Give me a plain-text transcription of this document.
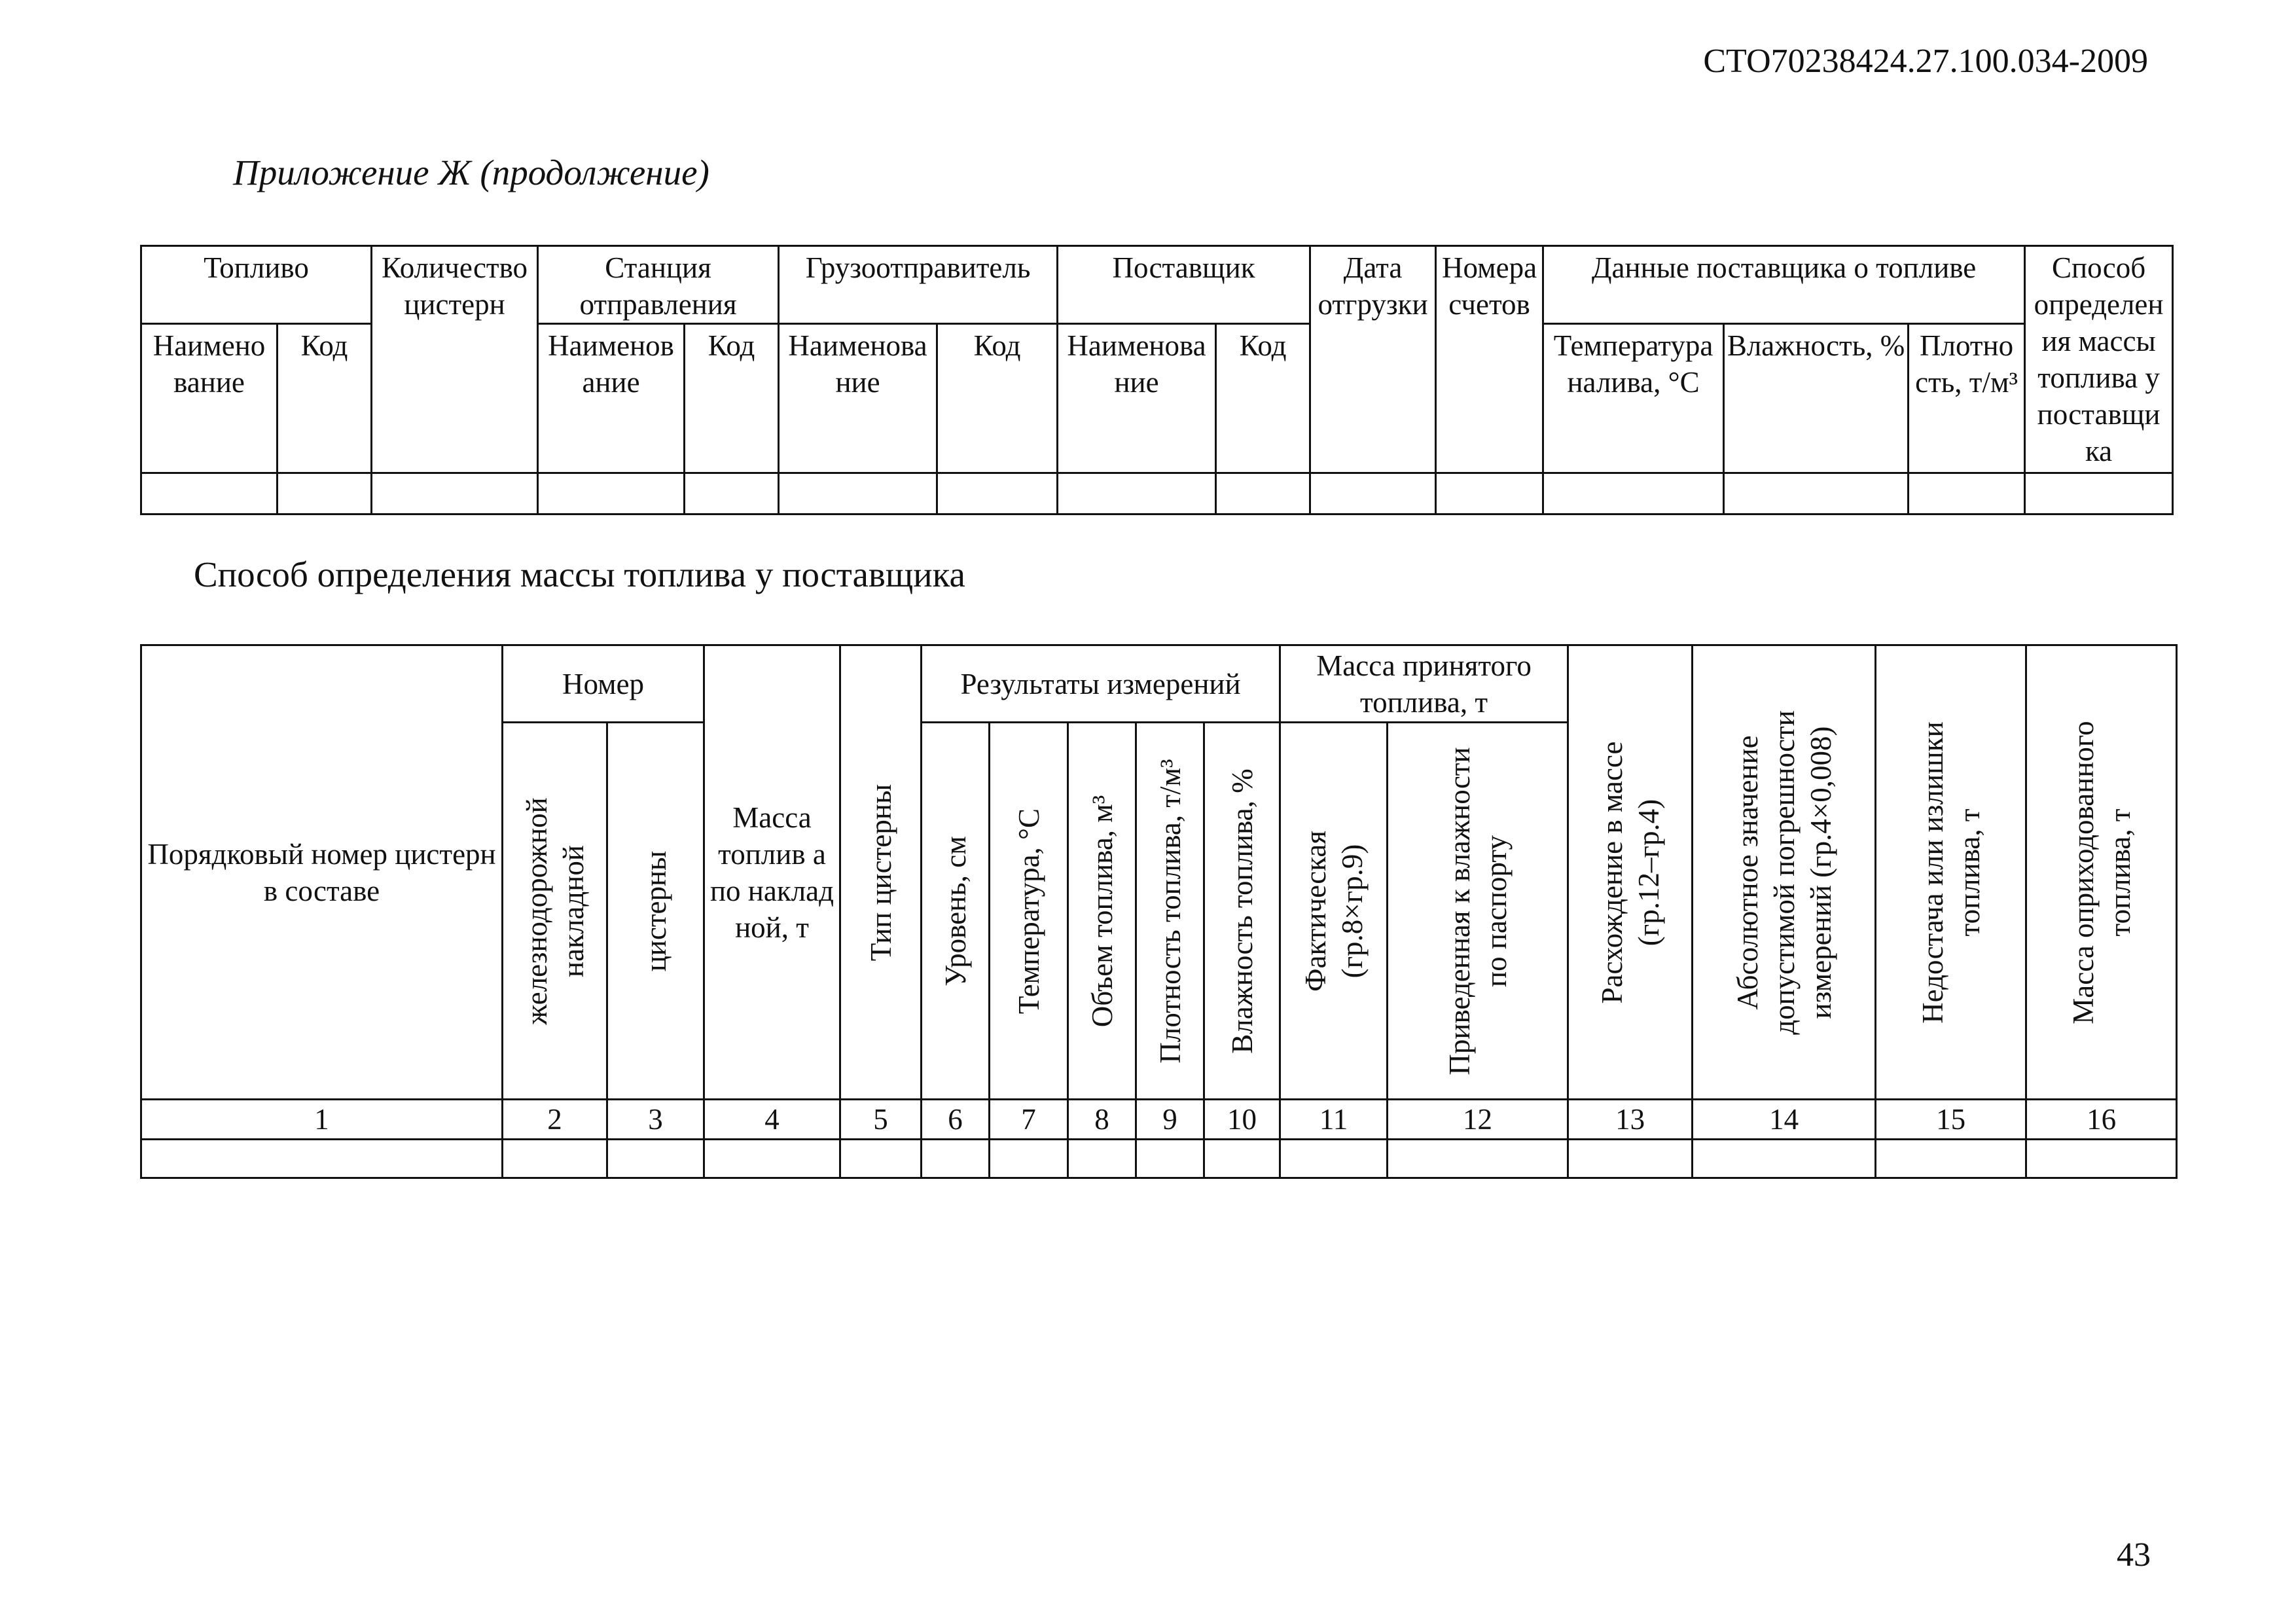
СТО70238424.27.100.034-2009
Приложение Ж (продолжение)
Топливо		Количество цистерн	Станция отправления		Грузоотправитель		Поставщик		Дата отгрузки	Номера счетов	Данные поставщика о топливе			Способ определен ия массы топлива у поставщи ка
Наимено вание	Код		Наименов ание	Код	Наименова ние	Код	Наименова ние	Код			Температура налива, °С	Влажность, %	Плотно сть, т/м³	

Способ определения массы топлива у поставщика
Порядковый номер цистерн в составе	Номер		Масса топлив а по наклад ной, т	Тип цистерны	Результаты измерений					Масса принятого топлива, т		Расхождение в массе (гр.12–гр.4)	Абсолютное значение допустимой погрешности измерений (гр.4×0,008)	Недостача или излишки топлива, т	Масса оприходованного топлива, т

	железнодорожной накладной	цистерны			Уровень, см	Температура, °С	Объем топлива, м³	Плотность топлива, т/м³	Влажность топлива, %	Фактическая (гр.8×гр.9)	Приведенная к влажности по паспорту				

1	2	3	4	5	6	7	8	9	10	11	12	13	14	15	16

43
